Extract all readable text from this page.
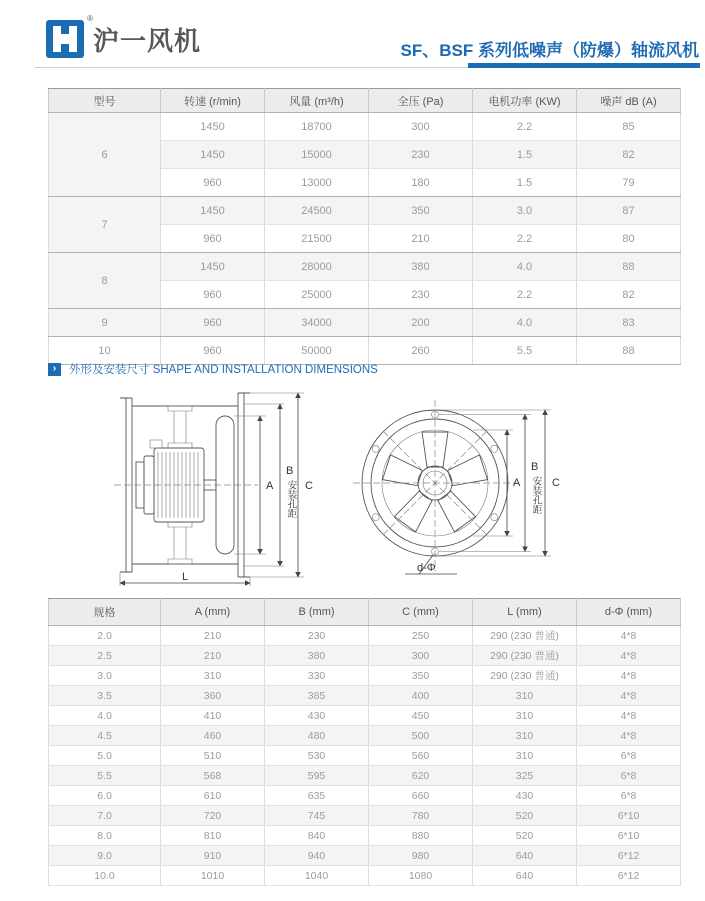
®
沪一风机	SF、BSF 系列低噪声（防爆）轴流风机
型号	转速 (r/min)	风量 (m³/h)	全压 (Pa)	电机功率 (KW)	噪声 dB (A)
6	1450	18700	300	2.2	85
	1450	15000	230	1.5	82
	960	13000	180	1.5	79
7	1450	24500	350	3.0	87
	960	21500	210	2.2	80
8	1450	28000	380	4.0	88
	960	25000	230	2.2	82
9	960	34000	200	4.0	83
10	960	50000	260	5.5	88
›	外形及安装尺寸 SHAPE AND INSTALLATION DIMENSIONS
A
B
安装孔距 C
L
A
B
安装孔距 C
d-Φ
规格	A (mm)	B (mm)	C (mm)	L (mm)	d-Φ (mm)
2.0	210	230	250	290 (230 普通)	4*8
2.5	210	380	300	290 (230 普通)	4*8
3.0	310	330	350	290 (230 普通)	4*8
3.5	360	385	400	310	4*8
4.0	410	430	450	310	4*8
4.5	460	480	500	310	4*8
5.0	510	530	560	310	6*8
5.5	568	595	620	325	6*8
6.0	610	635	660	430	6*8
7.0	720	745	780	520	6*10
8.0	810	840	880	520	6*10
9.0	910	940	980	640	6*12
10.0	1010	1040	1080	640	6*12
